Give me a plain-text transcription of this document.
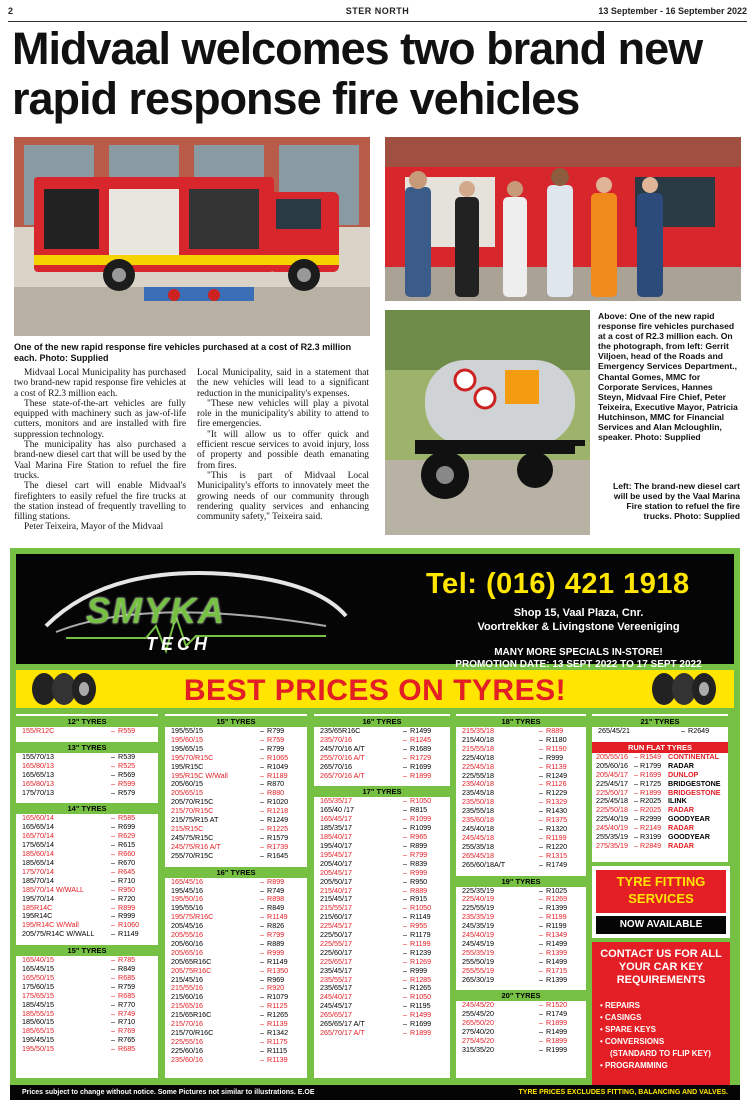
2	STER NORTH	13 September - 16 September 2022
Midvaal welcomes two brand new rapid response fire vehicles
One of the new rapid response fire vehicles purchased at a cost of R2.3 million each. Photo: Supplied

Midvaal Local Municipality has purchased two brand-new rapid response fire vehicles at a cost of R2.3 million each.

These state-of-the-art vehicles are fully equipped with machinery such as jaw-of-life cutters, monitors and are installed with fire suppression technology.

The municipality has also purchased a brand-new diesel cart that will be used by the Vaal Marina Fire Station to refuel the fire trucks.

The diesel cart will enable Midvaal's firefighters to easily refuel the fire trucks at the station instead of frequently travelling to filling stations.

Peter Teixeira, Mayor of the Midvaal

Local Municipality, said in a statement that the new vehicles will lead to a significant reduction in the municipality's expenses.

"These new vehicles will play a pivotal role in the municipality's ability to attend to fire emergencies.

"It will allow us to offer quick and efficient rescue services to avoid injury, loss of property and possible death emanating from fires.

"This is part of Midvaal Local Municipality's efforts to innovately meet the growing needs of our community through rendering quality services and enhancing community safety," Teixeira said.

Above: One of the new rapid response fire vehicles purchased at a cost of R2.3 million each. On the photograph, from left: Gerrit Viljoen, head of the Roads and Emergency Services Department., Chantal Gomes, MMC for Corporate Services, Hannes Steyn, Midvaal Fire Chief, Peter Teixeira, Executive Mayor, Patricia Hutchinson, MMC for Financial Services and Alan Mcloughlin, speaker. Photo: Supplied
Left: The brand-new diesel cart will be used by the Vaal Marina Fire station to refuel the fire trucks. Photo: Supplied
SMYKA
TECH
Tel: (016) 421 1918
Shop 15, Vaal Plaza, Cnr.
Voortrekker & Livingstone Vereeniging
MANY MORE SPECIALS IN-STORE!
PROMOTION DATE: 13 SEPT 2022 TO 17 SEPT 2022
BEST PRICES ON TYRES!
12" TYRES
155/R12C	– R559
13" TYRES
155/70/13	– R539
165/80/13	– R525
165/65/13	– R569
165/80/13	– R599
175/70/13	– R579
14" TYRES
165/60/14	– R585
165/65/14	– R699
165/70/14	– R629
175/65/14	– R615
185/60/14	– R660
185/65/14	– R670
175/70/14	– R645
185/70/14	– R710
185/70/14 W/WALL	– R950
195/70/14	– R720
185R14C	– R899
195R14C	– R999
195/R14C W/Wall	– R1060
205/75/R14C W/WALL	– R1149
15" TYRES
165/40/15	– R785
165/45/15	– R849
165/50/15	– R685
175/60/15	– R759
175/65/15	– R685
185/45/15	– R770
185/55/15	– R749
185/60/15	– R710
185/65/15	– R769
195/45/15	– R765
195/50/15	– R685
15" TYRES
195/55/15	– R799
195/60/15	– R759
195/65/15	– R799
195/70/R15C	– R1065
195/R15C	– R1049
195/R15C W/Wall	– R1189
205/60/15	– R870
205/65/15	– R880
205/70/R15C	– R1020
215/70/R15C	– R1218
215/75/R15 AT	– R1249
215/R15C	– R1225
245/75/R15C	– R1579
245/75/R16 A/T	– R1739
255/70/R15C	– R1645
16" TYRES
165/45/16	– R899
195/45/16	– R749
195/50/16	– R898
195/55/16	– R849
195/75/R16C	– R1149
205/45/16	– R826
205/55/16	– R799
205/60/16	– R889
205/65/16	– R999
205/65R16C	– R1149
205/75R16C	– R1350
215/45/16	– R969
215/55/16	– R920
215/60/16	– R1079
215/65/16	– R1125
215/65R16C	– R1265
215/70/16	– R1139
215/70/R16C	– R1342
225/55/16	– R1175
225/60/16	– R1115
235/60/16	– R1139
16" TYRES
235/65R16C	– R1499
235/70/16	– R1245
245/70/16 A/T	– R1689
255/70/16 A/T	– R1729
265/70/16	– R1699
265/70/16 A/T	– R1899
17" TYRES
165/35/17	– R1050
165/40 /17	– R815
165/45/17	– R1099
185/35/17	– R1099
185/40/17	– R965
195/40/17	– R899
195/45/17	– R799
205/40/17	– R839
205/45/17	– R999
205/50/17	– R950
215/40/17	– R889
215/45/17	– R915
215/55/17	– R1050
215/60/17	– R1149
225/45/17	– R955
225/50/17	– R1179
225/55/17	– R1199
225/60/17	– R1239
225/65/17	– R1269
235/45/17	– R999
235/55/17	– R1285
235/65/17	– R1265
245/40/17	– R1050
245/45/17	– R1195
265/65/17	– R1499
265/65/17 A/T	– R1699
265/70/17 A/T	– R1899
18" TYRES
215/35/18	– R889
215/40/18	– R1180
215/55/18	– R1190
225/40/18	– R999
225/45/18	– R1139
225/55/18	– R1249
235/40/18	– R1126
235/45/18	– R1229
235/50/18	– R1329
235/55/18	– R1430
235/60/18	– R1375
245/40/18	– R1320
245/45/18	– R1199
255/35/18	– R1220
265/45/18	– R1315
265/60/18A/T	– R1749
19" TYRES
225/35/19	– R1025
225/40/19	– R1269
225/55/19	– R1399
235/35/19	– R1199
245/35/19	– R1199
245/40/19	– R1349
245/45/19	– R1499
255/35/19	– R1399
255/50/19	– R1499
255/55/19	– R1715
265/30/19	– R1399
20" TYRES
245/45/20	– R1520
255/45/20	– R1749
265/50/20	– R1899
275/40/20	– R1499
275/45/20	– R1899
315/35/20	– R1999
21" TYRES
265/45/21	– R2649
RUN FLAT TYRES
205/55/16 – R1549 CONTINENTAL
205/60/16 – R1799 RADAR
205/45/17 – R1699 DUNLOP
225/45/17 – R1725 BRIDGESTONE
225/50/17 – R1899 BRIDGESTONE
225/45/18 – R2025 ILINK
225/50/18 – R2025 RADAR
225/40/19 – R2999 GOODYEAR
245/40/19 – R2149 RADAR
255/35/19 – R3199 GOODYEAR
275/35/19 – R2849 RADAR
TYRE FITTING
SERVICES
NOW AVAILABLE
CONTACT US FOR ALL
YOUR CAR KEY
REQUIREMENTS
• REPAIRS
• CASINGS
• SPARE KEYS
• CONVERSIONS
(STANDARD TO FLIP KEY)
• PROGRAMMING
Prices subject to change without notice. Some Pictures not similar to illustrations. E.OE	TYRE PRICES EXCLUDES FITTING, BALANCING AND VALVES.
